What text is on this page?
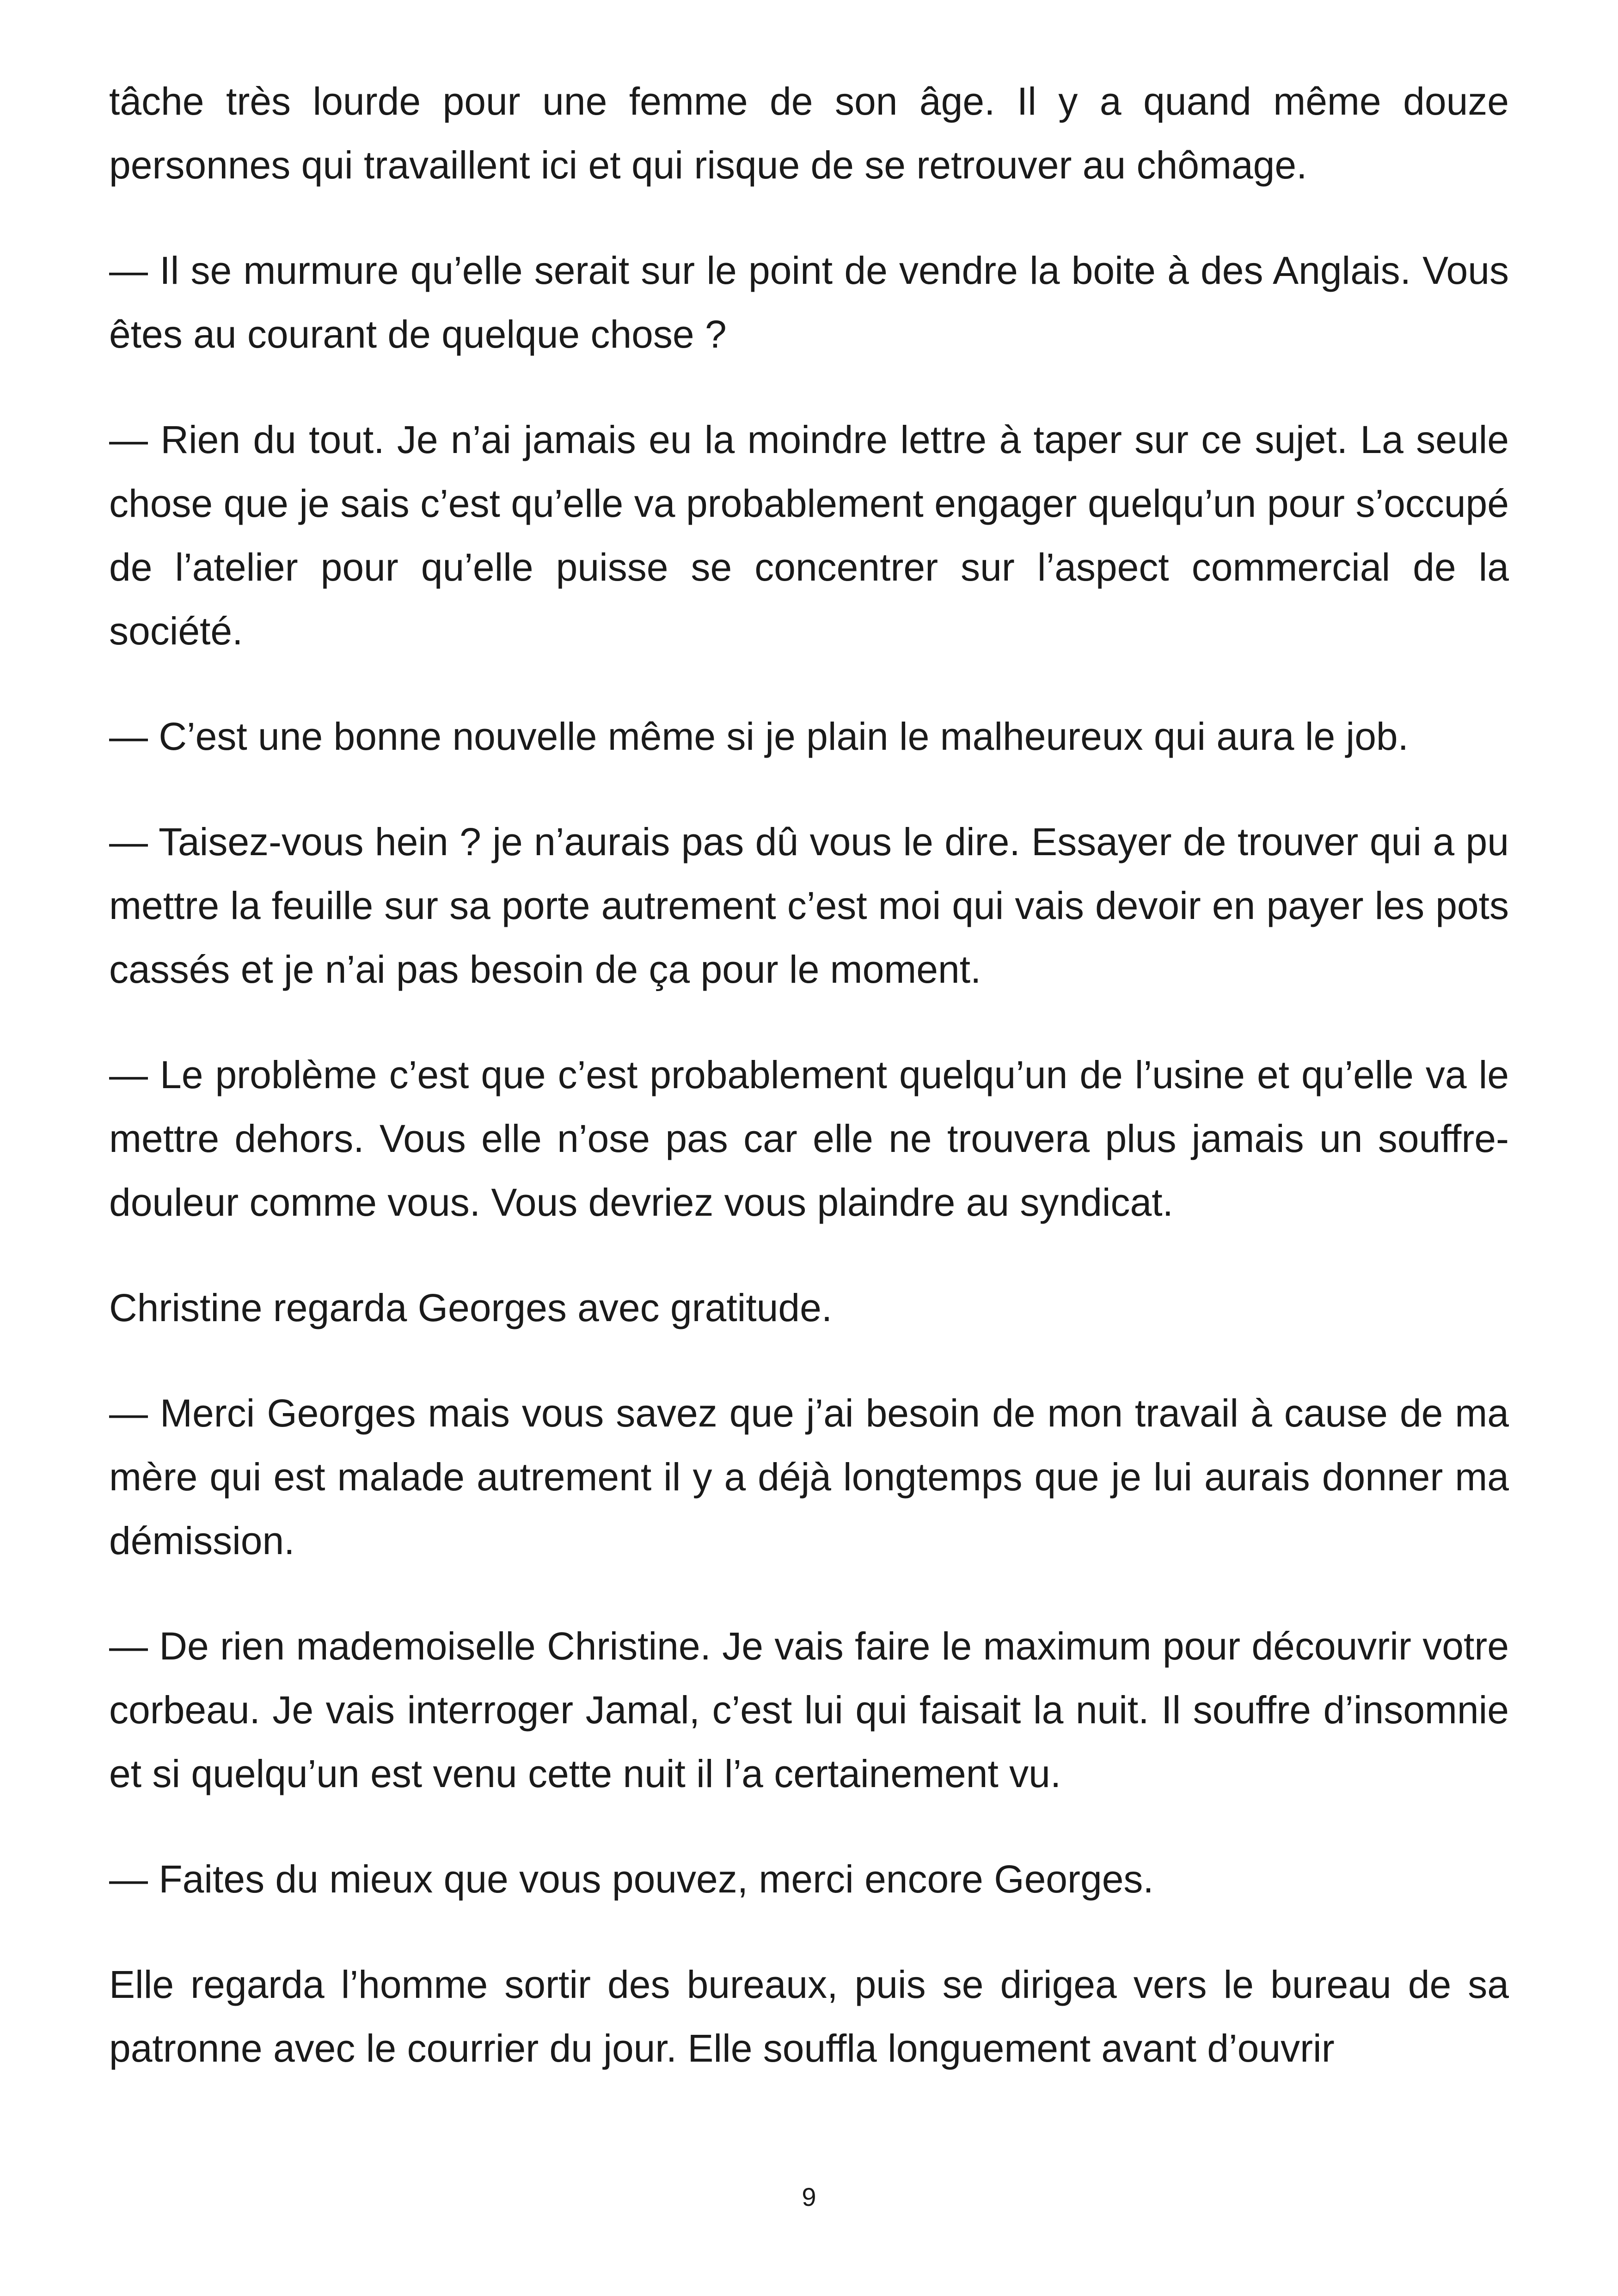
tâche très lourde pour une femme de son âge. Il y a quand même douze personnes qui travaillent ici et qui risque de se retrouver au chômage.

— Il se murmure qu’elle serait sur le point de vendre la boite à des Anglais. Vous êtes au courant de quelque chose ?

— Rien du tout. Je n’ai jamais eu la moindre lettre à taper sur ce sujet. La seule chose que je sais c’est qu’elle va probablement engager quelqu’un pour s’occupé de l’atelier pour qu’elle puisse se concentrer sur l’aspect commercial de la société.

— C’est une bonne nouvelle même si je plain le malheureux qui aura le job.

— Taisez-vous hein ? je n’aurais pas dû vous le dire. Essayer de trouver qui a pu mettre la feuille sur sa porte autrement c’est moi qui vais devoir en payer les pots cassés et je n’ai pas besoin de ça pour le moment.

— Le problème c’est que c’est probablement quelqu’un de l’usine et qu’elle va le mettre dehors. Vous elle n’ose pas car elle ne trouvera plus jamais un souffre-douleur comme vous. Vous devriez vous plaindre au syndicat.

Christine regarda Georges avec gratitude.

— Merci Georges mais vous savez que j’ai besoin de mon travail à cause de ma mère qui est malade autrement il y a déjà longtemps que je lui aurais donner ma démission.

— De rien mademoiselle Christine. Je vais faire le maximum pour découvrir votre corbeau. Je vais interroger Jamal, c’est lui qui faisait la nuit. Il souffre d’insomnie et si quelqu’un est venu cette nuit il l’a certainement vu.

— Faites du mieux que vous pouvez, merci encore Georges.

Elle regarda l’homme sortir des bureaux, puis se dirigea vers le bureau de sa patronne avec le courrier du jour. Elle souffla longuement avant d’ouvrir

9
